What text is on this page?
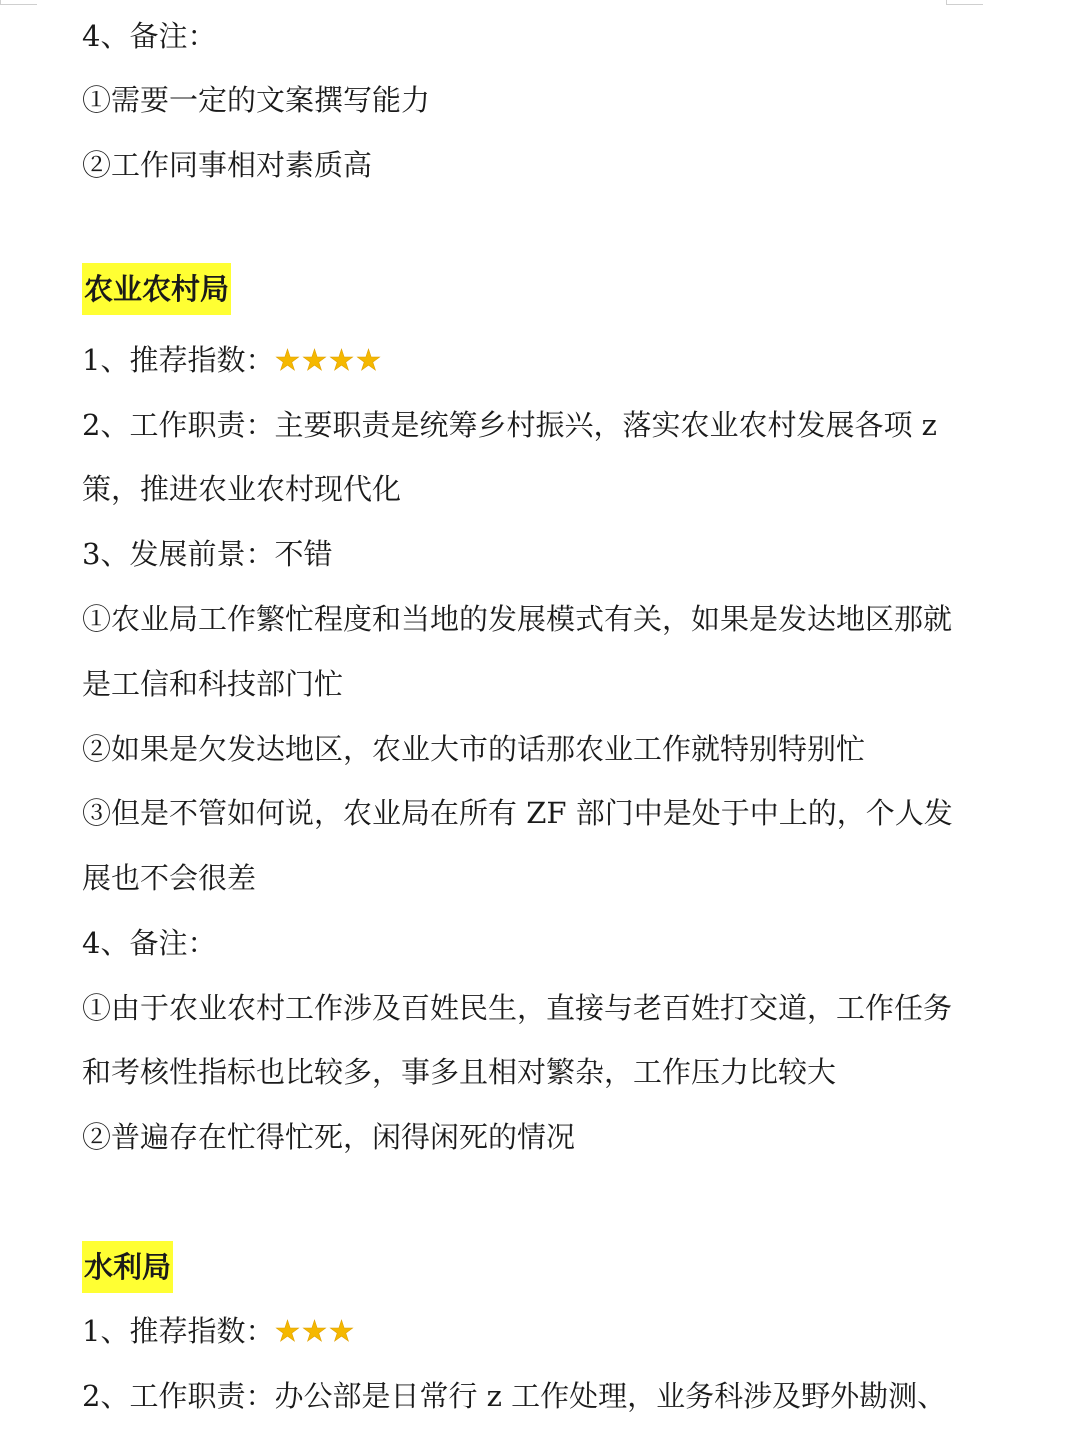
4、备注：
①需要一定的文案撰写能力
②工作同事相对素质高
农业农村局
1、推荐指数：★★★★
2、工作职责：主要职责是统筹乡村振兴，落实农业农村发展各项 z
策，推进农业农村现代化
3、发展前景：不错
①农业局工作繁忙程度和当地的发展模式有关，如果是发达地区那就
是工信和科技部门忙
②如果是欠发达地区，农业大市的话那农业工作就特别特别忙
③但是不管如何说，农业局在所有 ZF 部门中是处于中上的，个人发
展也不会很差
4、备注：
①由于农业农村工作涉及百姓民生，直接与老百姓打交道，工作任务
和考核性指标也比较多，事多且相对繁杂，工作压力比较大
②普遍存在忙得忙死，闲得闲死的情况
水利局
1、推荐指数：★★★
2、工作职责：办公部是日常行 z 工作处理，业务科涉及野外勘测、
